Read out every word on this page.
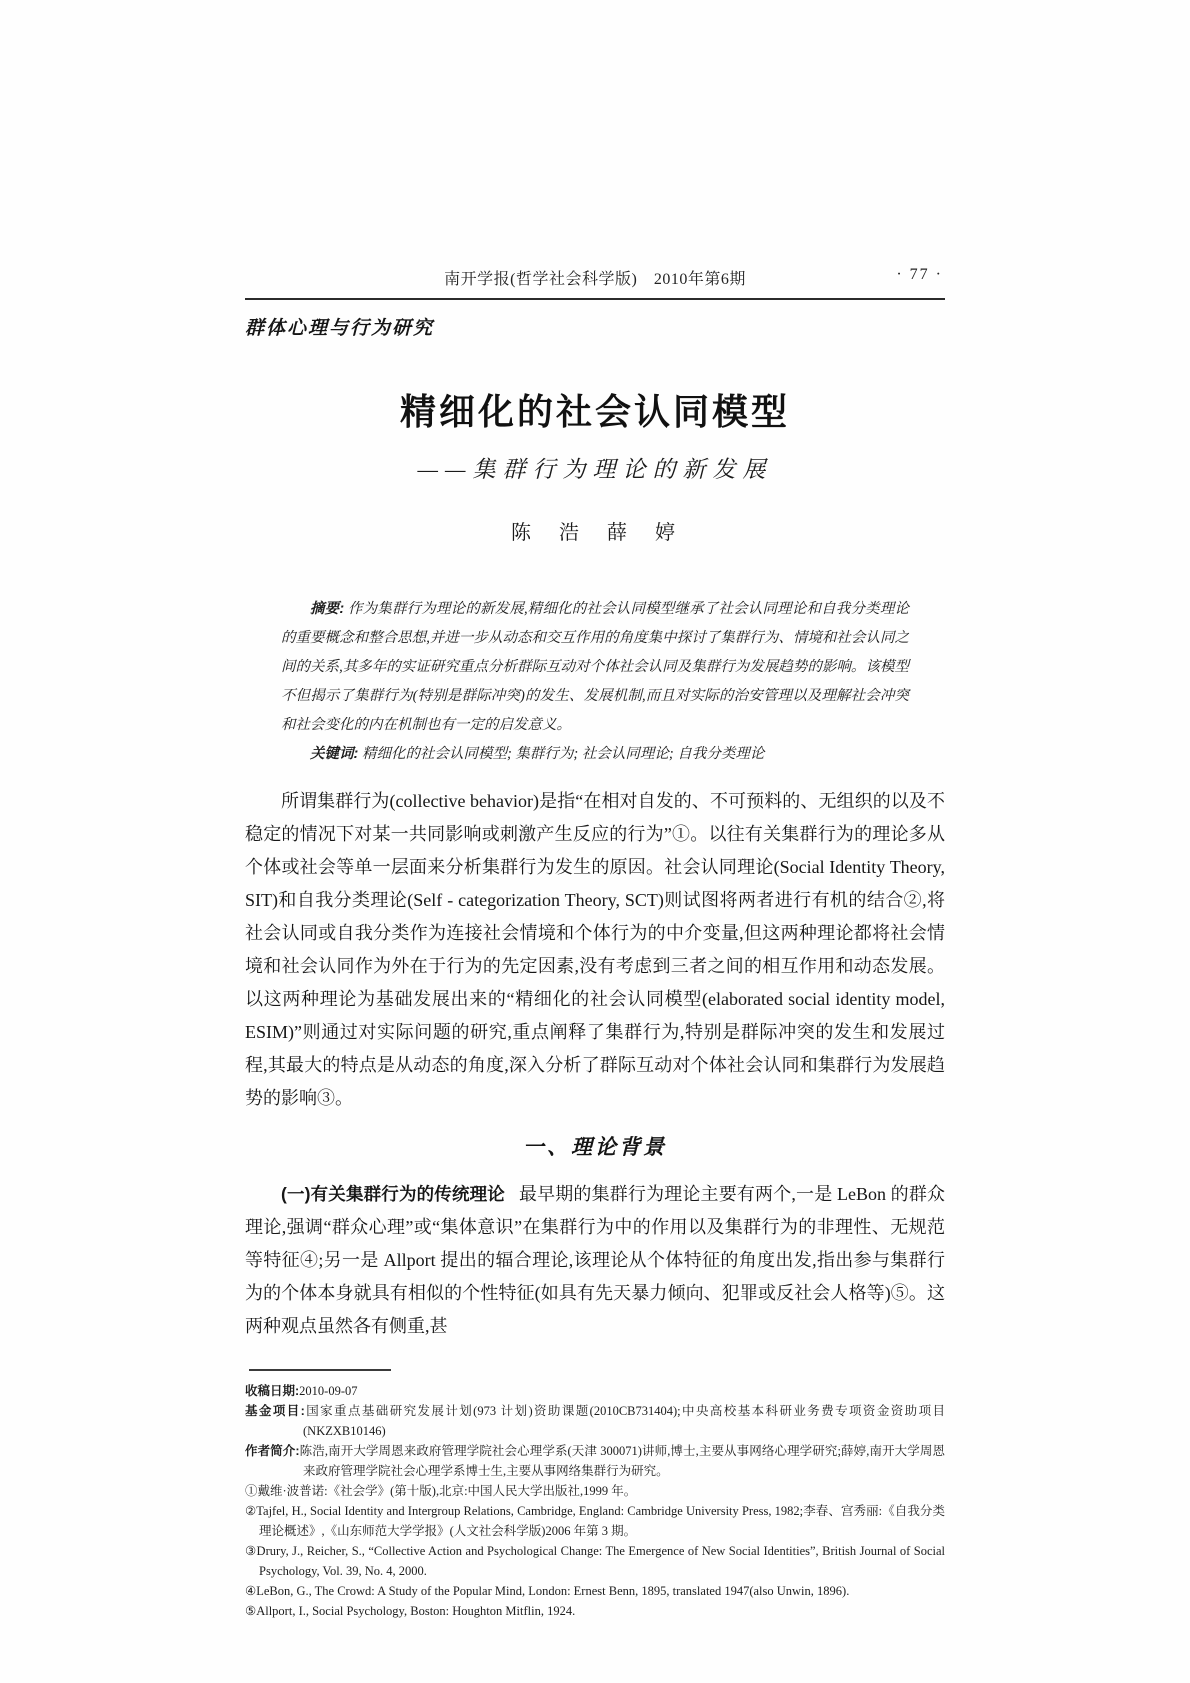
南开学报(哲学社会科学版)　2010年第6期	· 77 ·
群体心理与行为研究
精细化的社会认同模型
——集群行为理论的新发展
陈　浩　薛　婷

摘要: 作为集群行为理论的新发展,精细化的社会认同模型继承了社会认同理论和自我分类理论的重要概念和整合思想,并进一步从动态和交互作用的角度集中探讨了集群行为、情境和社会认同之间的关系,其多年的实证研究重点分析群际互动对个体社会认同及集群行为发展趋势的影响。该模型不但揭示了集群行为(特别是群际冲突)的发生、发展机制,而且对实际的治安管理以及理解社会冲突和社会变化的内在机制也有一定的启发意义。

关键词: 精细化的社会认同模型; 集群行为; 社会认同理论; 自我分类理论

所谓集群行为(collective behavior)是指“在相对自发的、不可预料的、无组织的以及不稳定的情况下对某一共同影响或刺激产生反应的行为”①。以往有关集群行为的理论多从个体或社会等单一层面来分析集群行为发生的原因。社会认同理论(Social Identity Theory, SIT)和自我分类理论(Self - categorization Theory, SCT)则试图将两者进行有机的结合②,将社会认同或自我分类作为连接社会情境和个体行为的中介变量,但这两种理论都将社会情境和社会认同作为外在于行为的先定因素,没有考虑到三者之间的相互作用和动态发展。以这两种理论为基础发展出来的“精细化的社会认同模型(elaborated social identity model, ESIM)”则通过对实际问题的研究,重点阐释了集群行为,特别是群际冲突的发生和发展过程,其最大的特点是从动态的角度,深入分析了群际互动对个体社会认同和集群行为发展趋势的影响③。

一、理论背景

(一)有关集群行为的传统理论 最早期的集群行为理论主要有两个,一是 LeBon 的群众理论,强调“群众心理”或“集体意识”在集群行为中的作用以及集群行为的非理性、无规范等特征④;另一是 Allport 提出的辐合理论,该理论从个体特征的角度出发,指出参与集群行为的个体本身就具有相似的个性特征(如具有先天暴力倾向、犯罪或反社会人格等)⑤。这两种观点虽然各有侧重,甚

收稿日期:2010-09-07

基金项目:国家重点基础研究发展计划(973 计划)资助课题(2010CB731404);中央高校基本科研业务费专项资金资助项目(NKZXB10146)

作者简介:陈浩,南开大学周恩来政府管理学院社会心理学系(天津 300071)讲师,博士,主要从事网络心理学研究;薛婷,南开大学周恩来政府管理学院社会心理学系博士生,主要从事网络集群行为研究。

①戴维·波普诺:《社会学》(第十版),北京:中国人民大学出版社,1999 年。

②Tajfel, H., Social Identity and Intergroup Relations, Cambridge, England: Cambridge University Press, 1982;李春、宫秀丽:《自我分类理论概述》,《山东师范大学学报》(人文社会科学版)2006 年第 3 期。

③Drury, J., Reicher, S., “Collective Action and Psychological Change: The Emergence of New Social Identities”, British Journal of Social Psychology, Vol. 39, No. 4, 2000.

④LeBon, G., The Crowd: A Study of the Popular Mind, London: Ernest Benn, 1895, translated 1947(also Unwin, 1896).

⑤Allport, I., Social Psychology, Boston: Houghton Mitflin, 1924.
